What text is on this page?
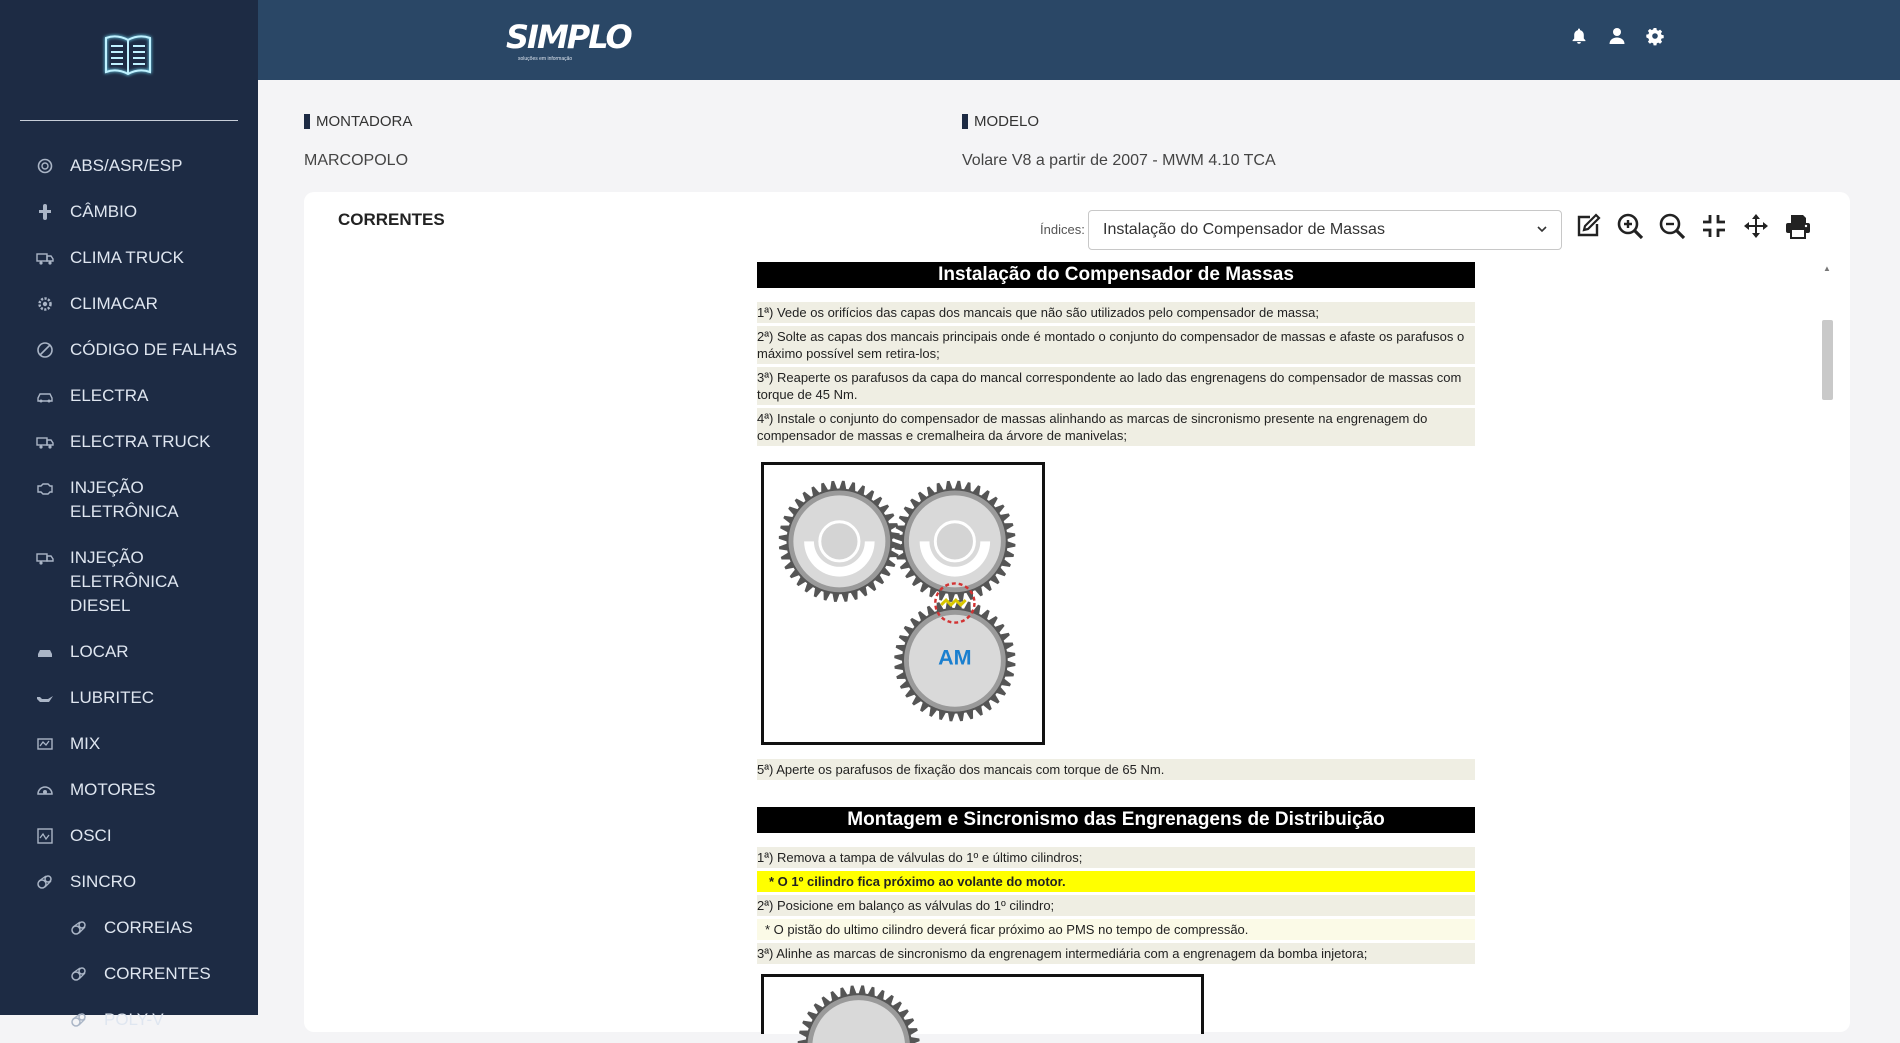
ABS/ASR/ESP
CÂMBIO
CLIMA TRUCK
CLIMACAR
CÓDIGO DE FALHAS
ELECTRA
ELECTRA TRUCK
INJEÇÃO ELETRÔNICA
INJEÇÃO ELETRÔNICA DIESEL
LOCAR
LUBRITEC
MIX
MOTORES
OSCI
SINCRO
CORREIAS
CORRENTES
POLY-V
SIMPLO
soluções em informação
MONTADORA
MARCOPOLO
MODELO
Volare V8 a partir de 2007 - MWM 4.10 TCA
CORRENTES
Índices: Instalação do Compensador de Massas
▲
Instalação do Compensador de Massas
1ª) Vede os orifícios das capas dos mancais que não são utilizados pelo compensador de massa;
2ª) Solte as capas dos mancais principais onde é montado o conjunto do compensador de massas e afaste os parafusos o máximo possível sem retira-los;
3ª) Reaperte os parafusos da capa do mancal correspondente ao lado das engrenagens do compensador de massas com torque de 45 Nm.
4ª) Instale o conjunto do compensador de massas alinhando as marcas de sincronismo presente na engrenagem do compensador de massas e cremalheira da árvore de manivelas;
AM
5ª) Aperte os parafusos de fixação dos mancais com torque de 65 Nm.
Montagem e Sincronismo das Engrenagens de Distribuição
1ª) Remova a tampa de válvulas do 1º e último cilindros;
* O 1º cilindro fica próximo ao volante do motor.
2ª) Posicione em balanço as válvulas do 1º cilindro;
* O pistão do ultimo cilindro deverá ficar próximo ao PMS no tempo de compressão.
3ª) Alinhe as marcas de sincronismo da engrenagem intermediária com a engrenagem da bomba injetora;
